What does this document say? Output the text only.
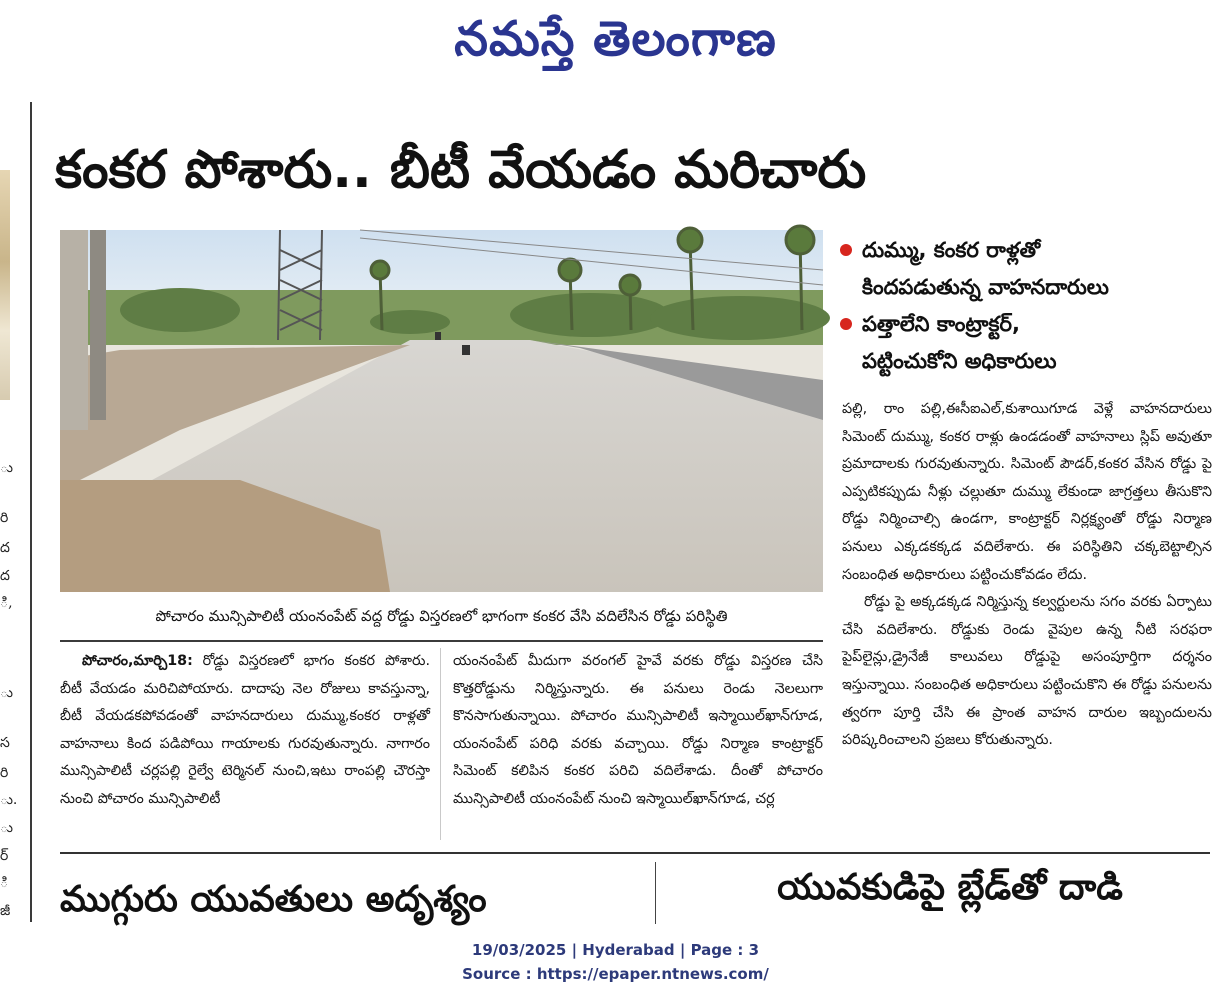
నమస్తే తెలంగాణ
ు
రి
ద
ద
ి,
ు
స
రి
ు.
ు
ర్
ి
జీ
కంకర పోశారు.. బీటీ వేయడం మరిచారు
పోచారం మున్సిపాలిటీ యంనంపేట్ వద్ద రోడ్డు విస్తరణలో భాగంగా కంకర వేసి వదిలేసిన రోడ్డు పరిస్థితి
దుమ్ము, కంకర రాళ్లతో
కిందపడుతున్న వాహనదారులు
పత్తాలేని కాంట్రాక్టర్,
పట్టించుకోని అధికారులు

పల్లి, రాం పల్లి,ఈసీఐఎల్,కుశాయిగూడ వెళ్లే వాహనదారులు సిమెంట్ దుమ్ము, కంకర రాళ్లు ఉండడంతో వాహనాలు స్లిప్ అవుతూ ప్రమాదాలకు గురవుతున్నారు. సిమెంట్ పౌడర్,కంకర వేసిన రోడ్డు పై ఎప్పటికప్పుడు నీళ్లు చల్లుతూ దుమ్ము లేకుండా జాగ్రత్తలు తీసుకొని రోడ్డు నిర్మించాల్సి ఉండగా, కాంట్రాక్టర్ నిర్లక్ష్యంతో రోడ్డు నిర్మాణ పనులు ఎక్కడకక్కడ వదిలేశారు. ఈ పరిస్థితిని చక్కబెట్టాల్సిన సంబంధిత అధికారులు పట్టించుకోవడం లేదు.

రోడ్డు పై అక్కడక్కడ నిర్మిస్తున్న కల్వర్టులను సగం వరకు ఏర్పాటు చేసి వదిలేశారు. రోడ్డుకు రెండు వైపుల ఉన్న నీటి సరఫరా పైప్‌లైన్లు,డ్రైనేజీ కాలువలు రోడ్డుపై అసంపూర్తిగా దర్శనం ఇస్తున్నాయి. సంబంధిత అధికారులు పట్టించుకొని ఈ రోడ్డు పనులను త్వరగా పూర్తి చేసి ఈ ప్రాంత వాహన దారుల ఇబ్బందులను పరిష్కరించాలని ప్రజలు కోరుతున్నారు.

పోచారం,మార్చి18: రోడ్డు విస్తరణలో భాగం కంకర పోశారు. బీటీ వేయడం మరిచిపోయారు. దాదాపు నెల రోజులు కావస్తున్నా, బీటీ వేయడకపోవడంతో వాహనదారులు దుమ్ము,కంకర రాళ్లతో వాహనాలు కింద పడిపోయి గాయాలకు గురవుతున్నారు. నాగారం మున్సిపాలిటీ చర్లపల్లి రైల్వే టెర్మినల్ నుంచి,ఇటు రాంపల్లి చౌరస్తా నుంచి పోచారం మున్సిపాలిటీ

యంనంపేట్ మీదుగా వరంగల్ హైవే వరకు రోడ్డు విస్తరణ చేసి కొత్తరోడ్డును నిర్మిస్తున్నారు. ఈ పనులు రెండు నెలలుగా కొనసాగుతున్నాయి. పోచారం మున్సిపాలిటీ ఇస్మాయిల్‌ఖాన్‌గూడ, యంనంపేట్ పరిధి వరకు వచ్చాయి. రోడ్డు నిర్మాణ కాంట్రాక్టర్ సిమెంట్ కలిపిన కంకర పరిచి వదిలేశాడు. దీంతో పోచారం మున్సిపాలిటీ యంనంపేట్ నుంచి ఇస్మాయిల్‌ఖాన్‌గూడ, చర్ల

ముగ్గురు యువతులు అదృశ్యం	యువకుడిపై బ్లేడ్‌తో దాడి
19/03/2025 | Hyderabad | Page : 3
Source : https://epaper.ntnews.com/
